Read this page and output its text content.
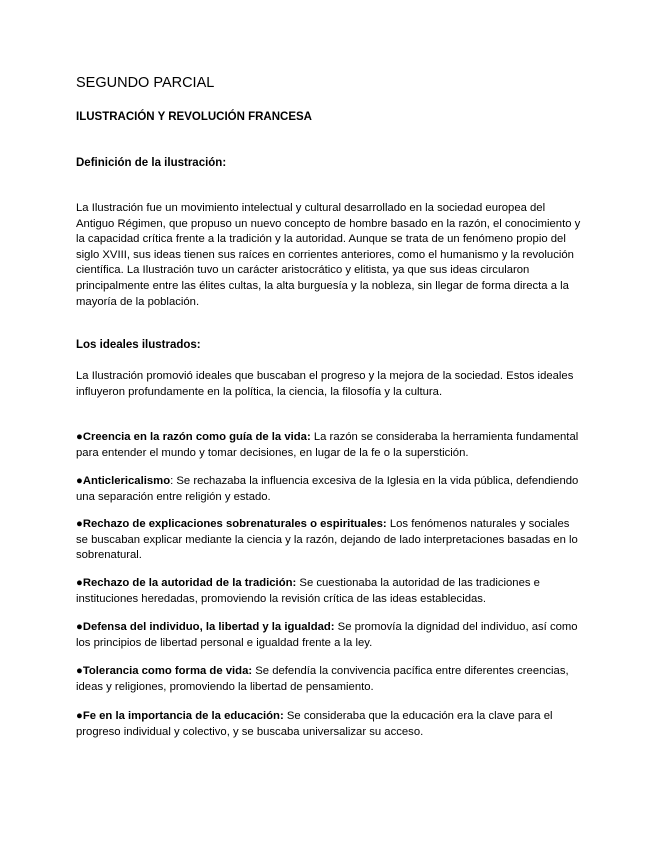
SEGUNDO PARCIAL
ILUSTRACIÓN Y REVOLUCIÓN FRANCESA
Definición de la ilustración:

La Ilustración fue un movimiento intelectual y cultural desarrollado en la sociedad europea del Antiguo Régimen, que propuso un nuevo concepto de hombre basado en la razón, el conocimiento y la capacidad crítica frente a la tradición y la autoridad. Aunque se trata de un fenómeno propio del siglo XVIII, sus ideas tienen sus raíces en corrientes anteriores, como el humanismo y la revolución científica. La Ilustración tuvo un carácter aristocrático y elitista, ya que sus ideas circularon principalmente entre las élites cultas, la alta burguesía y la nobleza, sin llegar de forma directa a la mayoría de la población.

Los ideales ilustrados:

La Ilustración promovió ideales que buscaban el progreso y la mejora de la sociedad. Estos ideales influyeron profundamente en la política, la ciencia, la filosofía y la cultura.

●Creencia en la razón como guía de la vida: La razón se consideraba la herramienta fundamental para entender el mundo y tomar decisiones, en lugar de la fe o la superstición.

●Anticlericalismo: Se rechazaba la influencia excesiva de la Iglesia en la vida pública, defendiendo una separación entre religión y estado.

●Rechazo de explicaciones sobrenaturales o espirituales: Los fenómenos naturales y sociales se buscaban explicar mediante la ciencia y la razón, dejando de lado interpretaciones basadas en lo sobrenatural.

●Rechazo de la autoridad de la tradición: Se cuestionaba la autoridad de las tradiciones e instituciones heredadas, promoviendo la revisión crítica de las ideas establecidas.

●Defensa del individuo, la libertad y la igualdad: Se promovía la dignidad del individuo, así como los principios de libertad personal e igualdad frente a la ley.

●Tolerancia como forma de vida: Se defendía la convivencia pacífica entre diferentes creencias, ideas y religiones, promoviendo la libertad de pensamiento.

●Fe en la importancia de la educación: Se consideraba que la educación era la clave para el progreso individual y colectivo, y se buscaba universalizar su acceso.
